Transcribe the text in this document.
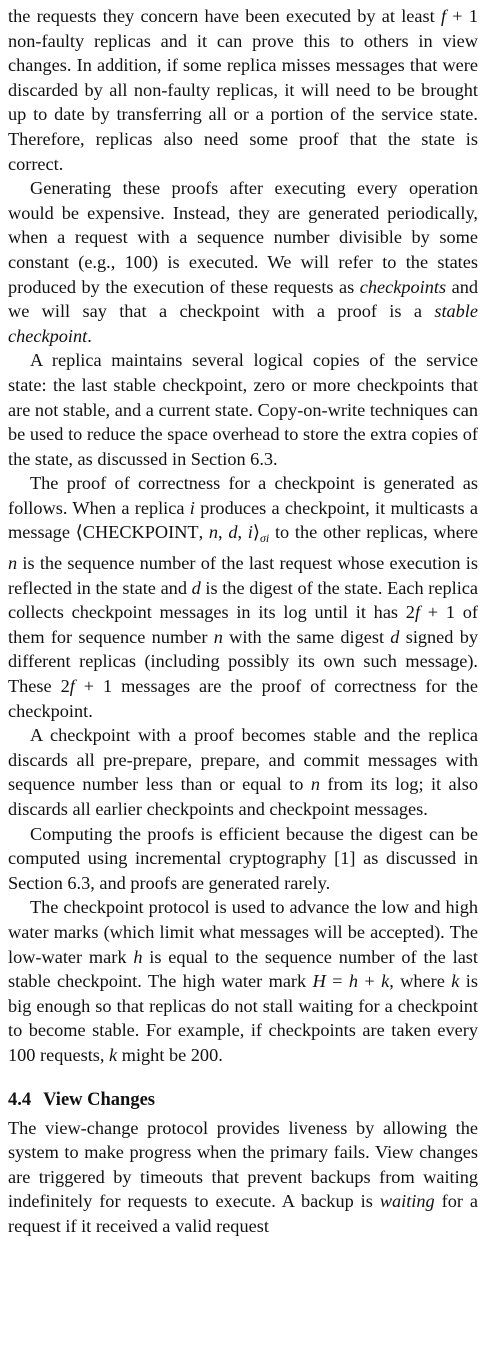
the requests they concern have been executed by at least f + 1 non-faulty replicas and it can prove this to others in view changes. In addition, if some replica misses messages that were discarded by all non-faulty replicas, it will need to be brought up to date by transferring all or a portion of the service state. Therefore, replicas also need some proof that the state is correct.

Generating these proofs after executing every operation would be expensive. Instead, they are generated periodically, when a request with a sequence number divisible by some constant (e.g., 100) is executed. We will refer to the states produced by the execution of these requests as checkpoints and we will say that a checkpoint with a proof is a stable checkpoint.

A replica maintains several logical copies of the service state: the last stable checkpoint, zero or more checkpoints that are not stable, and a current state. Copy-on-write techniques can be used to reduce the space overhead to store the extra copies of the state, as discussed in Section 6.3.

The proof of correctness for a checkpoint is generated as follows. When a replica i produces a checkpoint, it multicasts a message ⟨CHECKPOINT, n, d, $i⟩_{\sigma i}$ to the other replicas, where n is the sequence number of the last request whose execution is reflected in the state and d is the digest of the state. Each replica collects checkpoint messages in its log until it has 2f + 1 of them for sequence number n with the same digest d signed by different replicas (including possibly its own such message). These 2f + 1 messages are the proof of correctness for the checkpoint.

A checkpoint with a proof becomes stable and the replica discards all pre-prepare, prepare, and commit messages with sequence number less than or equal to n from its log; it also discards all earlier checkpoints and checkpoint messages.

Computing the proofs is efficient because the digest can be computed using incremental cryptography [1] as discussed in Section 6.3, and proofs are generated rarely.

The checkpoint protocol is used to advance the low and high water marks (which limit what messages will be accepted). The low-water mark h is equal to the sequence number of the last stable checkpoint. The high water mark H = h + k, where k is big enough so that replicas do not stall waiting for a checkpoint to become stable. For example, if checkpoints are taken every 100 requests, k might be 200.

4.4 View Changes

The view-change protocol provides liveness by allowing the system to make progress when the primary fails. View changes are triggered by timeouts that prevent backups from waiting indefinitely for requests to execute. A backup is waiting for a request if it received a valid request
